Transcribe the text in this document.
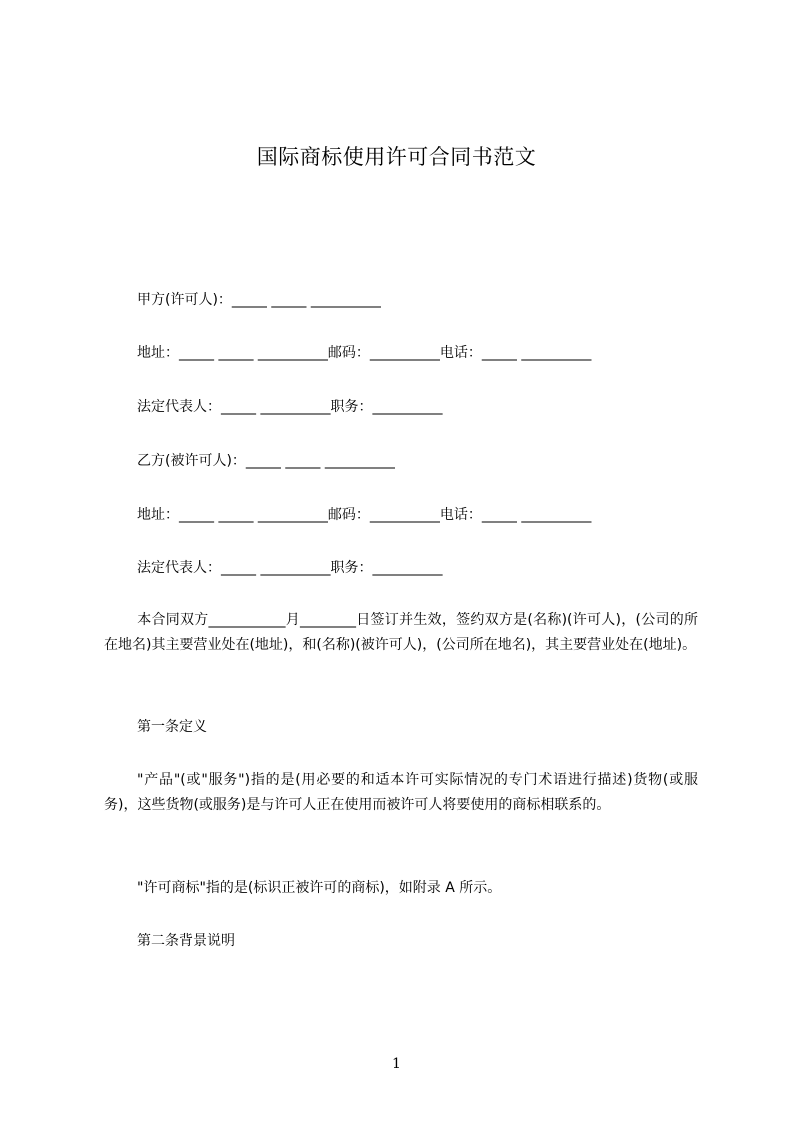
国际商标使用许可合同书范文
甲方(许可人)：_____ _____ __________
地址：_____ _____ __________邮码：__________电话：_____ __________
法定代表人：_____ __________职务：__________
乙方(被许可人)：_____ _____ __________
地址：_____ _____ __________邮码：__________电话：_____ __________
法定代表人：_____ __________职务：__________
本合同双方___________月________日签订并生效，签约双方是(名称)(许可人)，(公司的所在地名)其主要营业处在(地址)，和(名称)(被许可人)，(公司所在地名)，其主要营业处在(地址)。
第一条定义
"产品"(或"服务")指的是(用必要的和适本许可实际情况的专门术语进行描述)货物(或服务)，这些货物(或服务)是与许可人正在使用而被许可人将要使用的商标相联系的。
"许可商标"指的是(标识正被许可的商标)，如附录 A 所示。
第二条背景说明
1
